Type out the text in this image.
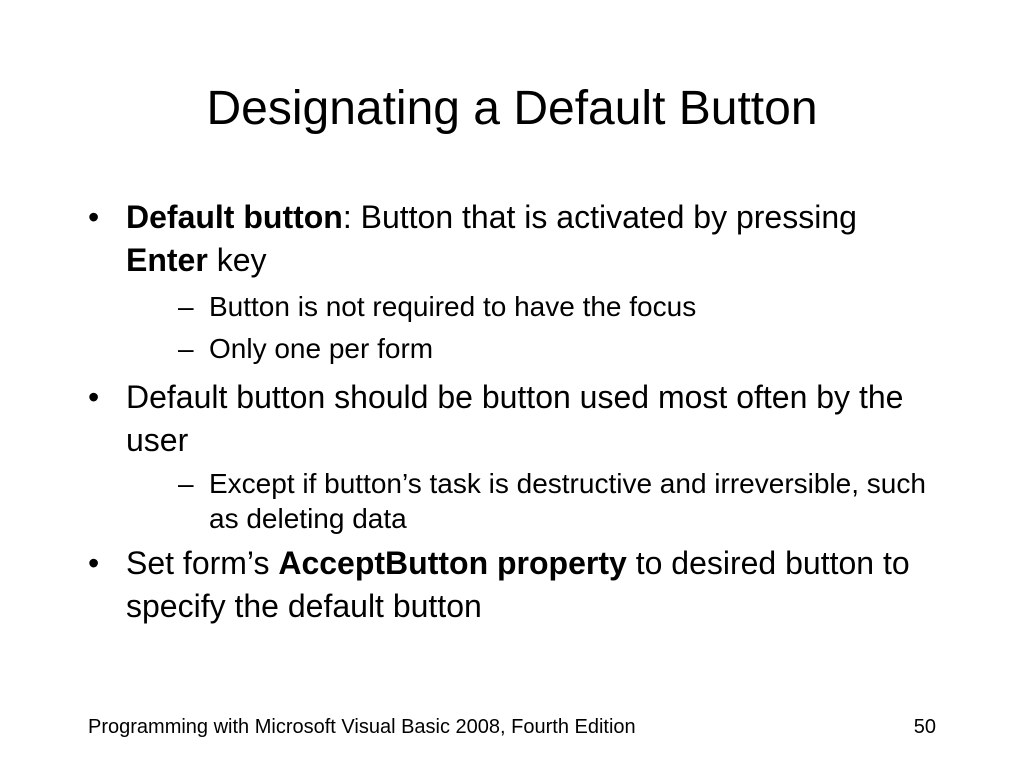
Designating a Default Button
• Default button: Button that is activated by pressing Enter key
– Button is not required to have the focus
– Only one per form
• Default button should be button used most often by the user
– Except if button’s task is destructive and irreversible, such as deleting data
• Set form’s AcceptButton property to desired button to specify the default button
Programming with Microsoft Visual Basic 2008, Fourth Edition	50
